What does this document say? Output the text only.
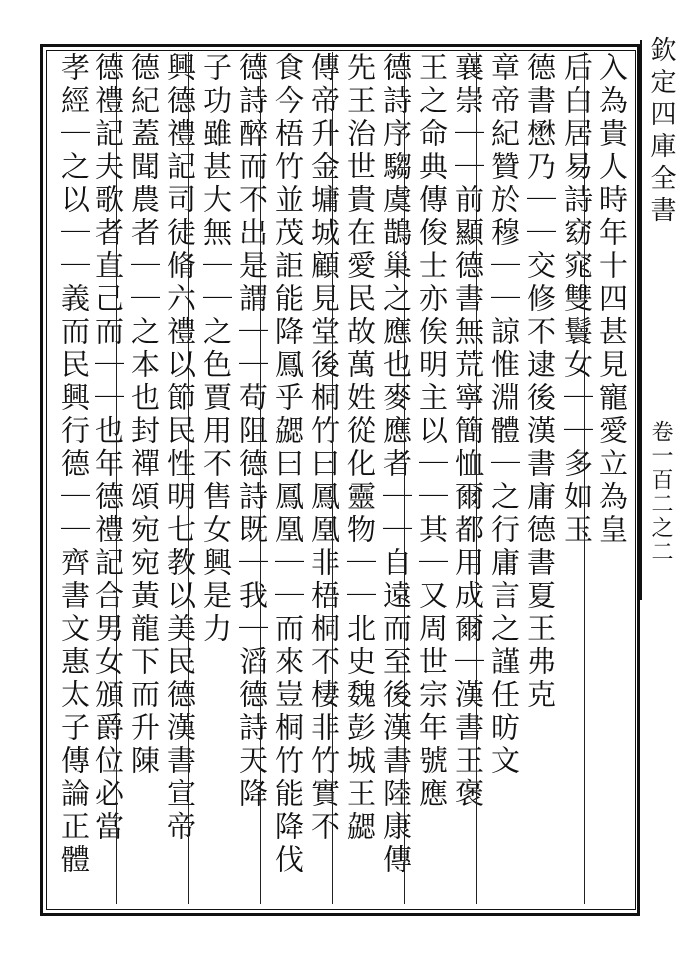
欽定四庫全書
卷一百二之二
入為貴人時年十四甚見寵愛立為皇
后白居易詩窈窕雙鬟女｜｜多如玉
德書懋乃｜｜交修不逮後漢書庸德書夏王弗克
章帝紀贊於穆｜｜諒惟淵體｜之行庸言之謹任昉文
襄崇｜｜前顯德書無荒寧簡恤爾都用成爾｜漢書王褒
王之命典傳俊士亦俟明主以｜｜其｜又周世宗年號應
德詩序騶虞鵲巢之應也麥應者｜｜自遠而至後漢書陸康傳
先王治世貴在愛民故萬姓從化靈物｜｜北史魏彭城王勰
傳帝升金墉城顧見堂後桐竹曰鳳凰非梧桐不棲非竹實不
食今梧竹並茂詎能降鳳乎勰曰鳳凰｜｜而來豈桐竹能降伐
德詩醉而不出是謂｜｜苟阻德詩既｜我｜滔德詩天降
子功雖甚大無｜｜之色賈用不售女興是力
興德禮記司徒脩六禮以節民性明七教以美民德漢書宣帝
德紀蓋聞農者｜｜之本也封禪頌宛宛黃龍下而升陳
德禮記夫歌者直己而｜｜也年德禮記合男女頒爵位必當
孝經｜之以｜｜義而民興行德｜｜齊書文惠太子傳論正體
